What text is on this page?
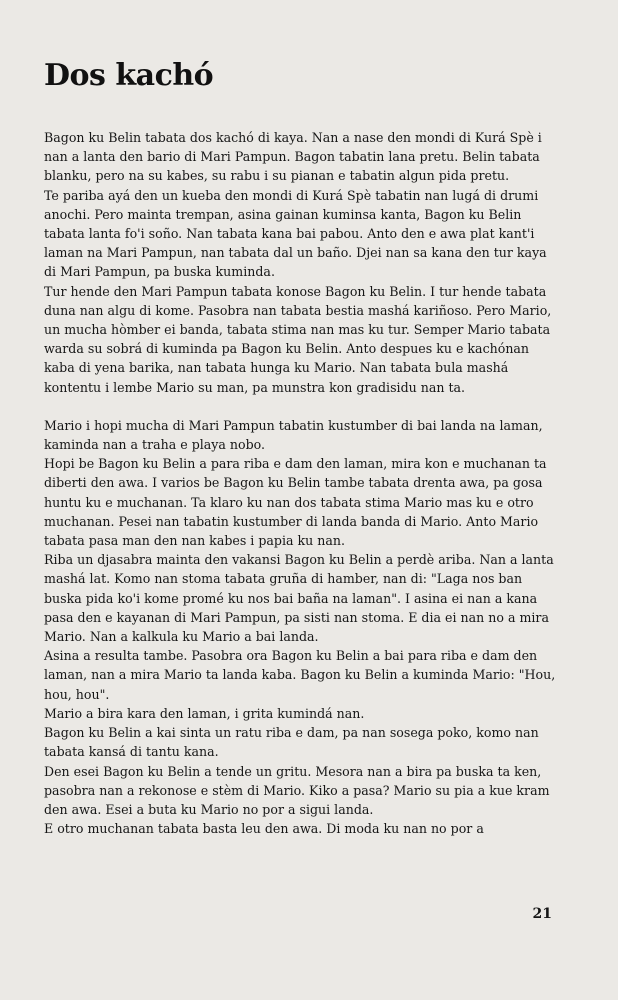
Dos kachó

Bagon ku Belin tabata dos kachó di kaya. Nan a nase den mondi di Kurá Spè i nan a lanta den bario di Mari Pampun. Bagon tabatin lana pretu. Belin tabata blanku, pero na su kabes, su rabu i su pianan e tabatin algun pida pretu.

Te pariba ayá den un kueba den mondi di Kurá Spè tabatin nan lugá di drumi anochi. Pero mainta trempan, asina gainan kuminsa kanta, Bagon ku Belin tabata lanta fo'i soño. Nan tabata kana bai pabou. Anto den e awa plat kant'i laman na Mari Pampun, nan tabata dal un baño. Djei nan sa kana den tur kaya di Mari Pampun, pa buska kuminda.

Tur hende den Mari Pampun tabata konose Bagon ku Belin. I tur hende tabata duna nan algu di kome. Pasobra nan tabata bestia mashá kariñoso. Pero Mario, un mucha hòmber ei banda, tabata stima nan mas ku tur. Semper Mario tabata warda su sobrá di kuminda pa Bagon ku Belin. Anto despues ku e kachónan kaba di yena barika, nan tabata hunga ku Mario. Nan tabata bula mashá kontentu i lembe Mario su man, pa munstra kon gradisidu nan ta.

Mario i hopi mucha di Mari Pampun tabatin kustumber di bai landa na laman, kaminda nan a traha e playa nobo.

Hopi be Bagon ku Belin a para riba e dam den laman, mira kon e muchanan ta diberti den awa. I varios be Bagon ku Belin tambe tabata drenta awa, pa gosa huntu ku e muchanan. Ta klaro ku nan dos tabata stima Mario mas ku e otro muchanan. Pesei nan tabatin kustumber di landa banda di Mario. Anto Mario tabata pasa man den nan kabes i papia ku nan.

Riba un djasabra mainta den vakansi Bagon ku Belin a perdè ariba. Nan a lanta mashá lat. Komo nan stoma tabata gruña di hamber, nan di: "Laga nos ban buska pida ko'i kome promé ku nos bai baña na laman". I asina ei nan a kana pasa den e kayanan di Mari Pampun, pa sisti nan stoma. E dia ei nan no a mira Mario. Nan a kalkula ku Mario a bai landa.

Asina a resulta tambe. Pasobra ora Bagon ku Belin a bai para riba e dam den laman, nan a mira Mario ta landa kaba. Bagon ku Belin a kuminda Mario: "Hou, hou, hou".

Mario a bira kara den laman, i grita kumindá nan.

Bagon ku Belin a kai sinta un ratu riba e dam, pa nan sosega poko, komo nan tabata kansá di tantu kana.

Den esei Bagon ku Belin a tende un gritu. Mesora nan a bira pa buska ta ken, pasobra nan a rekonose e stèm di Mario. Kiko a pasa? Mario su pia a kue kram den awa. Esei a buta ku Mario no por a sigui landa.

E otro muchanan tabata basta leu den awa. Di moda ku nan no por a

21
